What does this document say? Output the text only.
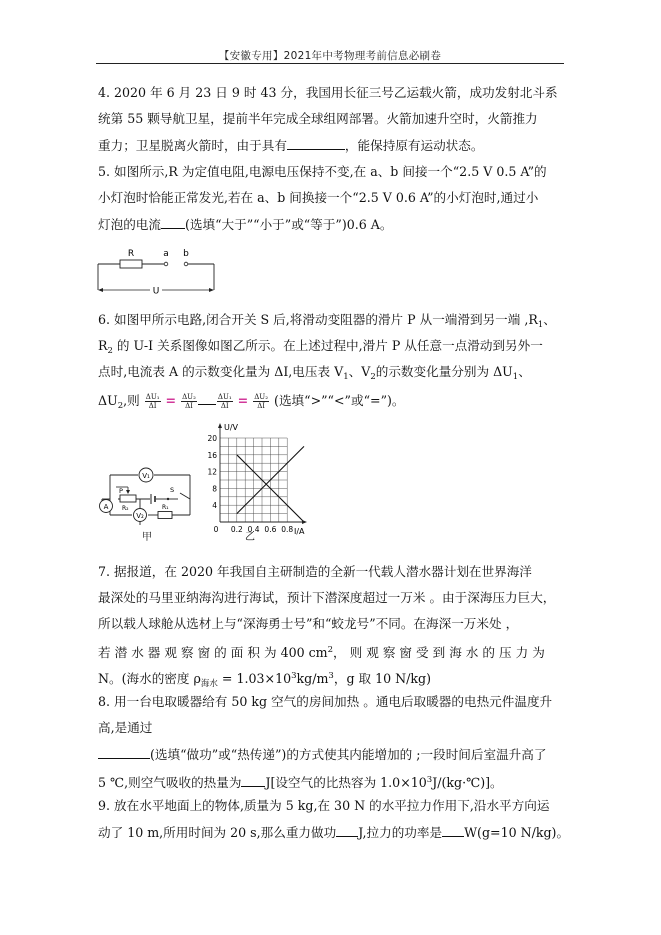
【安徽专用】2021年中考物理考前信息必刷卷
4. 2020 年 6 月 23 日 9 时 43 分，我国用长征三号乙运载火箭，成功发射北斗系
统第 55 颗导航卫星，提前半年完成全球组网部署。火箭加速升空时，火箭推力
重力；卫星脱离火箭时，由于具有	，能保持原有运动状态。
5. 如图所示,R 为定值电阻,电源电压保持不变,在 a、b 间接一个“2.5 V 0.5 A”的
小灯泡时恰能正常发光,若在 a、b 间换接一个“2.5 V 0.6 A”的小灯泡时,通过小
灯泡的电流 (选填“大于”“小于”或“等于”)0.6 A。
R	a b
U
6. 如图甲所示电路,闭合开关 S 后,将滑动变阻器的滑片 P 从一端滑到另一端 $,R_1$、
$R_2$ 的 U-I 关系图像如图乙所示。在上述过程中,滑片 P 从任意一点滑动到另外一
点时,电流表 A 的示数变化量为 ΔI,电压表 $V_1$、$V_2$的示数变化量分别为 $\Delta U_1$、
$\Delta U_2$,则 $\frac{\text{ΔU₁}}{\Delta I} = \frac{\text{ΔU₂}}{\Delta I}$	$\frac{\text{ΔU₁}}{\Delta I} = \frac{\text{ΔU₂}}{\Delta I}$ (选填“>”“<”或“=”)。
V₁
A
P
R₂
S
R₁
V₂
甲
0.2 0.4 0.6 0.8
4
8
12
16
20
U/V
I/A
0
乙
7. 据报道，在 2020 年我国自主研制造的全新一代载人潜水器计划在世界海洋
最深处的马里亚纳海沟进行海试，预计下潜深度超过一万米 。由于深海压力巨大，
所以载人球舱从选材上与“深海勇士号”和“蛟龙号”不同。在海深一万米处 ，
若 潜 水 器 观 察 窗 的 面 积 为 400 $cm^2$， 则 观 察 窗 受 到 海 水 的 压 力 为
N。(海水的密度 $\rho_{海水} = 1.03\times 10^3kg/m^3$，g 取 10 N/kg)
8. 用一台电取暖器给有 50 kg 空气的房间加热 。通电后取暖器的电热元件温度升
高,是通过
(选填“做功”或“热传递”)的方式使其内能增加的 ;一段时间后室温升高了
5 ℃,则空气吸收的热量为 J[设空气的比热容为 $1.0\times 10^3J/(kg\cdot℃)$]。
9. 放在水平地面上的物体,质量为 5 kg,在 30 N 的水平拉力作用下,沿水平方向运
动了 10 m,所用时间为 20 s,那么重力做功 J,拉力的功率是 W(g=10 N/kg)。
